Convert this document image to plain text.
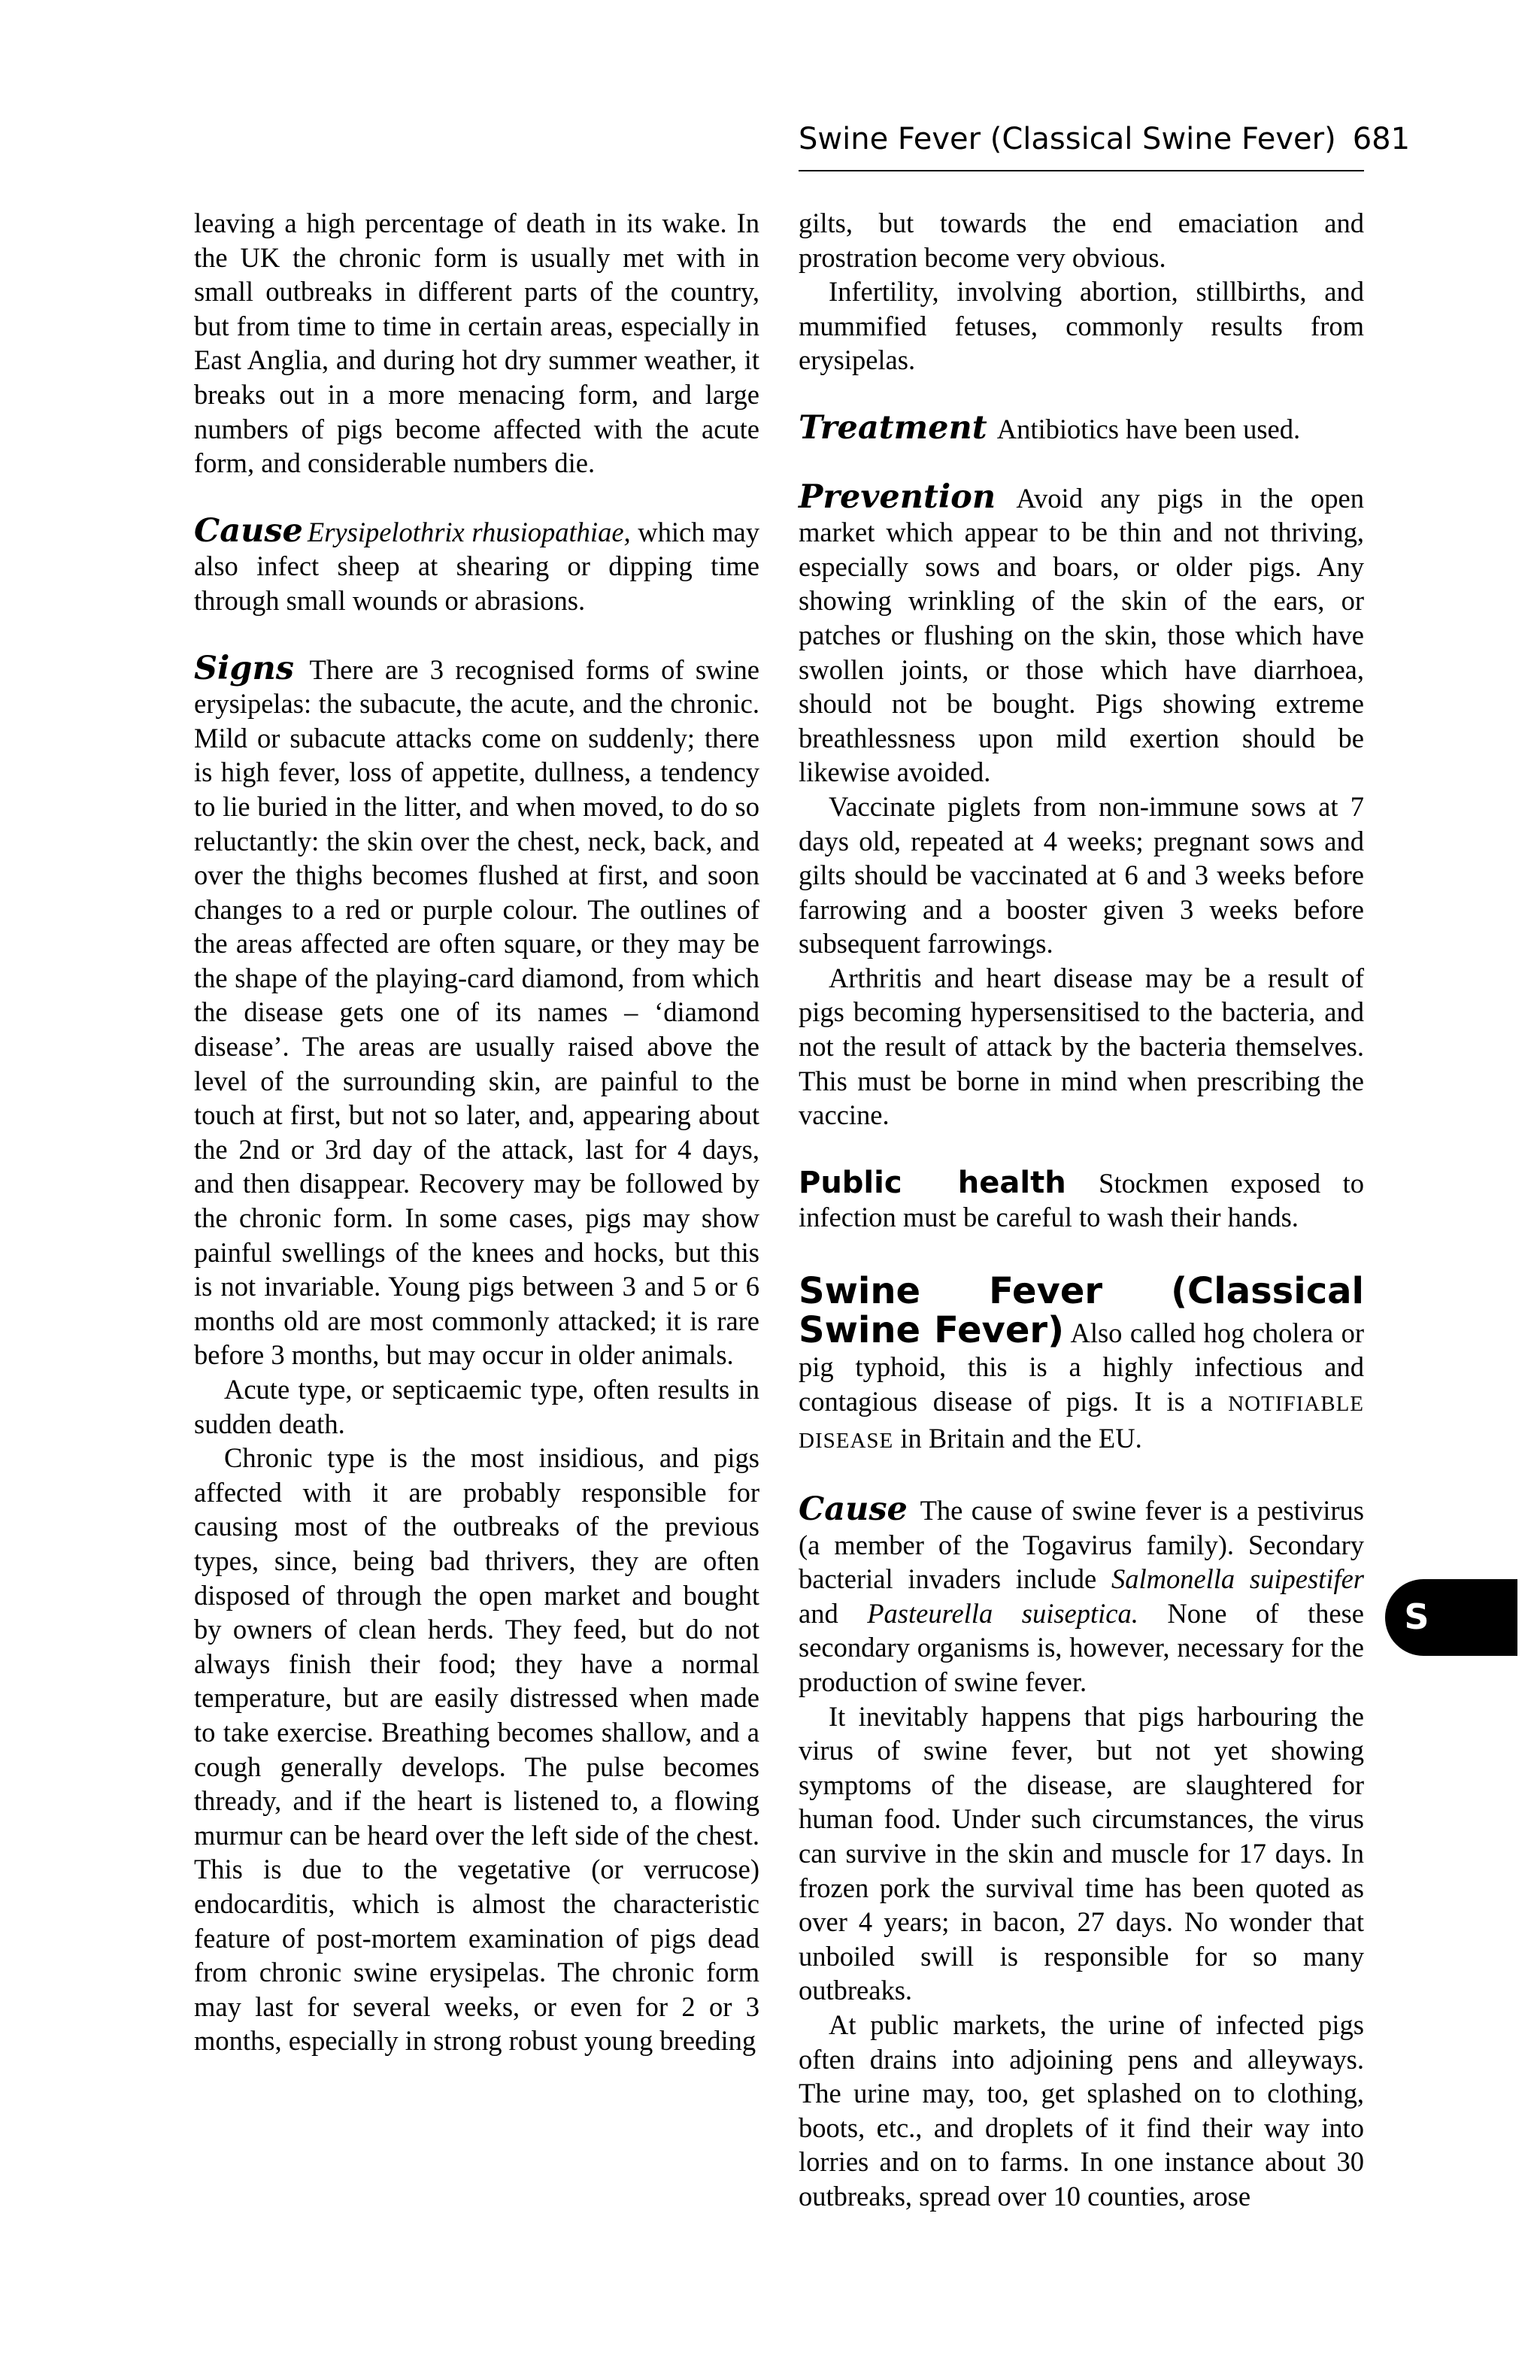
Swine Fever (Classical Swine Fever) 681

leaving a high percentage of death in its wake. In the UK the chronic form is usually met with in small outbreaks in different parts of the country, but from time to time in certain areas, especially in East Anglia, and during hot dry summer weather, it breaks out in a more menacing form, and large numbers of pigs become affected with the acute form, and considerable numbers die.

Cause Erysipelothrix rhusiopathiae, which may also infect sheep at shearing or dipping time through small wounds or abrasions.

Signs There are 3 recognised forms of swine erysipelas: the subacute, the acute, and the chronic. Mild or subacute attacks come on suddenly; there is high fever, loss of appetite, dullness, a tendency to lie buried in the litter, and when moved, to do so reluctantly: the skin over the chest, neck, back, and over the thighs becomes flushed at first, and soon changes to a red or purple colour. The outlines of the areas affected are often square, or they may be the shape of the playing-card diamond, from which the disease gets one of its names – ‘diamond disease’. The areas are usually raised above the level of the surrounding skin, are painful to the touch at first, but not so later, and, appearing about the 2nd or 3rd day of the attack, last for 4 days, and then disappear. Recovery may be followed by the chronic form. In some cases, pigs may show painful swellings of the knees and hocks, but this is not invariable. Young pigs between 3 and 5 or 6 months old are most commonly attacked; it is rare before 3 months, but may occur in older animals.

Acute type, or septicaemic type, often results in sudden death.

Chronic type is the most insidious, and pigs affected with it are probably responsible for causing most of the outbreaks of the previous types, since, being bad thrivers, they are often disposed of through the open market and bought by owners of clean herds. They feed, but do not always finish their food; they have a normal temperature, but are easily distressed when made to take exercise. Breathing becomes shallow, and a cough generally develops. The pulse becomes thready, and if the heart is listened to, a flowing murmur can be heard over the left side of the chest. This is due to the vegetative (or verrucose) endocarditis, which is almost the characteristic feature of post-mortem examination of pigs dead from chronic swine erysipelas. The chronic form may last for several weeks, or even for 2 or 3 months, especially in strong robust young breeding

gilts, but towards the end emaciation and prostration become very obvious.

Infertility, involving abortion, stillbirths, and mummified fetuses, commonly results from erysipelas.

Treatment Antibiotics have been used.

Prevention Avoid any pigs in the open market which appear to be thin and not thriving, especially sows and boars, or older pigs. Any showing wrinkling of the skin of the ears, or patches or flushing on the skin, those which have swollen joints, or those which have diarrhoea, should not be bought. Pigs showing extreme breathlessness upon mild exertion should be likewise avoided.

Vaccinate piglets from non-immune sows at 7 days old, repeated at 4 weeks; pregnant sows and gilts should be vaccinated at 6 and 3 weeks before farrowing and a booster given 3 weeks before subsequent farrowings.

Arthritis and heart disease may be a result of pigs becoming hypersensitised to the bacteria, and not the result of attack by the bacteria themselves. This must be borne in mind when prescribing the vaccine.

Public health Stockmen exposed to infection must be careful to wash their hands.

Swine Fever (Classical Swine Fever) Also called hog cholera or pig typhoid, this is a highly infectious and contagious disease of pigs. It is a NOTIFIABLE DISEASE in Britain and the EU.

Cause The cause of swine fever is a pestivirus (a member of the Togavirus family). Secondary bacterial invaders include Salmonella suipestifer and Pasteurella suiseptica. None of these secondary organisms is, however, necessary for the production of swine fever.

It inevitably happens that pigs harbouring the virus of swine fever, but not yet showing symptoms of the disease, are slaughtered for human food. Under such circumstances, the virus can survive in the skin and muscle for 17 days. In frozen pork the survival time has been quoted as over 4 years; in bacon, 27 days. No wonder that unboiled swill is responsible for so many outbreaks.

At public markets, the urine of infected pigs often drains into adjoining pens and alleyways. The urine may, too, get splashed on to clothing, boots, etc., and droplets of it find their way into lorries and on to farms. In one instance about 30 outbreaks, spread over 10 counties, arose

S
